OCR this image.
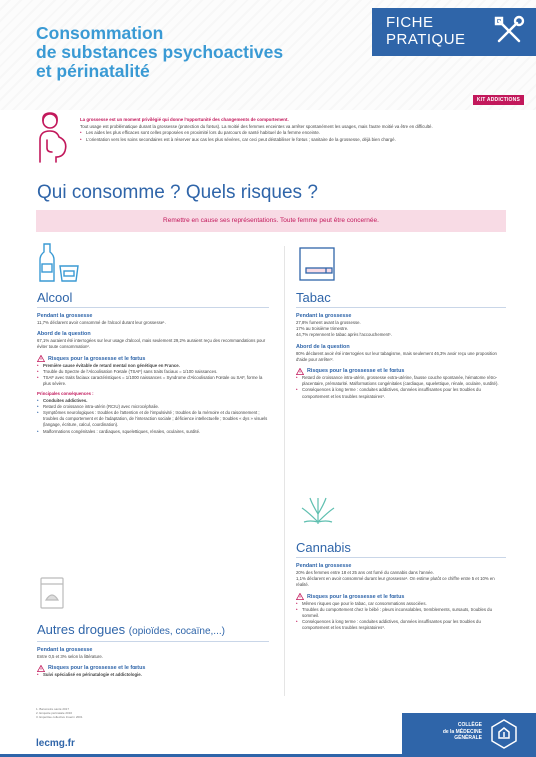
Consommation
de substances psychoactives
et périnatalité
FICHE
PRATIQUE
KIT ADDICTIONS
La grossesse est un moment privilégié qui donne l'opportunité des changements de comportement.
Tout usage est problématique durant la grossesse (protection du fœtus). La moitié des femmes enceintes va arrêter spontanément les usages, mais l'autre moitié va être en difficulté.
• Les aides les plus efficaces sont celles proposées en proximité lors du parcours de santé habituel de la femme enceinte.
• L'orientation vers les soins secondaires est à réserver aux cas les plus sévères, car ceci peut déstabiliser le fœtus ; sanitaire de la grossesse, déjà bien chargé.
Qui consomme ? Quels risques ?
Remettre en cause ses représentations. Toute femme peut être concernée.
Alcool
Pendant la grossesse
11,7% déclarent avoir consommé de l'alcool durant leur grossesse¹.
Abord de la question
67,1% auraient été interrogées sur leur usage d'alcool, mais seulement 29,2% auraient reçu des recommandations pour éviter toute consommation².
Risques pour la grossesse et le fœtus
• Première cause évitable de retard mental non génétique en France.
• Trouble du Spectre de l'Alcoolisation Fœtale (TSAF) sans traits faciaux = 1/100 naissances.
• TSAF avec traits faciaux caractéristiques = 1/1000 naissances = Syndrome d'Alcoolisation Fœtale ou SAF, forme la plus sévère.
Principales conséquences :
• Conduites addictives.
• Retard de croissance intra-utérin (RCIU) avec microcéphalie.
• Symptômes neurologiques : troubles de l'attention et de l'impulsivité ; troubles de la mémoire et du raisonnement ; troubles du comportement et de l'adaptation, de l'interaction sociale ; déficience intellectuelle ; troubles « dys » visuels (langage, écriture, calcul, coordination).
• Malformations congénitales : cardiaques, squelettiques, rénales, oculaires, surdité.
Autres drogues (opioïdes, cocaïne,...)
Pendant la grossesse
Entre 0,5 et 3% selon la littérature.
Risques pour la grossesse et le fœtus
• Suivi spécialisé en périnatalogie et addictologie.
Tabac
Pendant la grossesse
27,8% fument avant la grossesse.
17% au troisième trimestre.
44,7% reprennent le tabac après l'accouchement¹.
Abord de la question
80% déclarent avoir été interrogées sur leur tabagisme, mais seulement 46,3% avoir reçu une proposition d'aide pour arrêter².
Risques pour la grossesse et le fœtus
• Retard de croissance intra-utérin, grossesse extra-utérine, fausse couche spontanée, hématome rétro-placentaire, prématurité. Malformations congénitales (cardiaque, squelettique, rénale, oculaire, surdité).
• Conséquences à long terme : conduites addictives, données insuffisantes pour les troubles du comportement et les troubles respiratoires³.
Cannabis
Pendant la grossesse
20% des femmes entre 18 et 25 ans ont fumé du cannabis dans l'année.
1,1% déclarent en avoir consommé durant leur grossesse¹. On estime plutôt ce chiffre entre 5 et 10% en réalité.
Risques pour la grossesse et le fœtus
• Mêmes risques que pour le tabac, car consommations associées.
• Troubles du comportement chez le bébé : pleurs inconsolables, tremblements, sursauts, troubles du sommeil.
• Conséquences à long terme : conduites addictives, données insuffisantes pour les troubles du comportement et les troubles respiratoires³.
1. Baromètre santé 2017
2. Enquête périnatale 2016
3. Expertise collective Inserm 2001
lecmg.fr
COLLÈGE
de la MÉDECINE
GÉNÉRALE
